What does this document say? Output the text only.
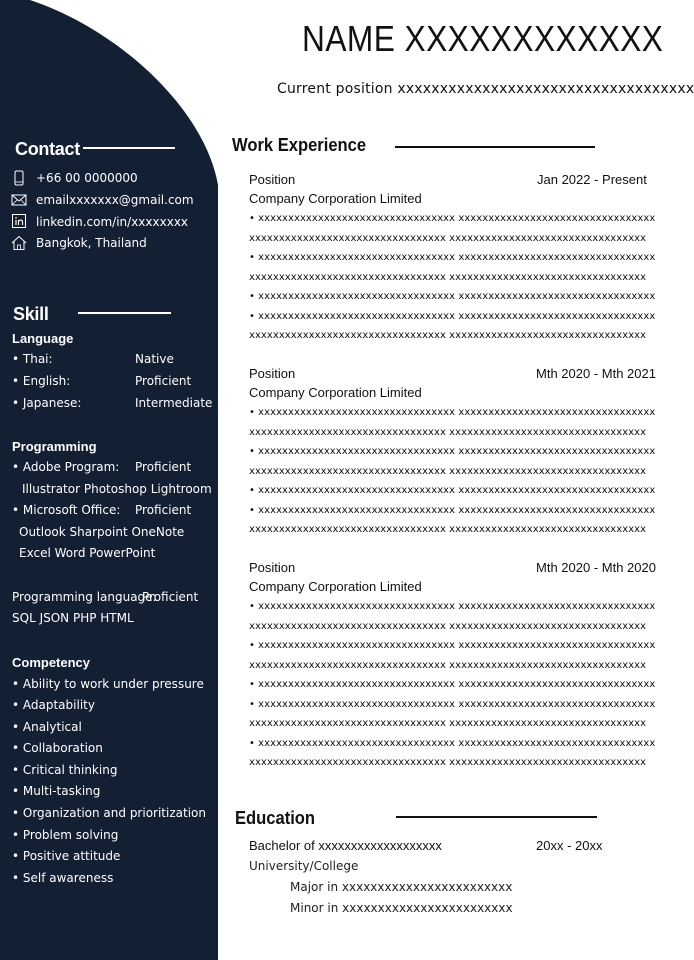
Contact
+66 00 0000000
emailxxxxxxx@gmail.com
linkedin.com/in/xxxxxxxx
Bangkok, Thailand
Skill
Language
• Thai:	Native
• English:	Proficient
• Japanese:	Intermediate
Programming
• Adobe Program: Proficient
Illustrator Photoshop Lightroom
• Microsoft Office: Proficient
Outlook Sharpoint OneNote
Excel Word PowerPoint
Programming language:
Proficient
SQL JSON PHP HTML
Competency
• Ability to work under pressure
• Adaptability
• Analytical
• Collaboration
• Critical thinking
• Multi-tasking
• Organization and prioritization
• Problem solving
• Positive attitude
• Self awareness
NAME XXXXXXXXXXXX
Current position xxxxxxxxxxxxxxxxxxxxxxxxxxxxxxxxxxx
Work Experience
Position	Jan 2022 - Present
Company Corporation Limited
• xxxxxxxxxxxxxxxxxxxxxxxxxxxxxxxxx xxxxxxxxxxxxxxxxxxxxxxxxxxxxxxxxx
xxxxxxxxxxxxxxxxxxxxxxxxxxxxxxxxx xxxxxxxxxxxxxxxxxxxxxxxxxxxxxxxxx
• xxxxxxxxxxxxxxxxxxxxxxxxxxxxxxxxx xxxxxxxxxxxxxxxxxxxxxxxxxxxxxxxxx
xxxxxxxxxxxxxxxxxxxxxxxxxxxxxxxxx xxxxxxxxxxxxxxxxxxxxxxxxxxxxxxxxx
• xxxxxxxxxxxxxxxxxxxxxxxxxxxxxxxxx xxxxxxxxxxxxxxxxxxxxxxxxxxxxxxxxx
• xxxxxxxxxxxxxxxxxxxxxxxxxxxxxxxxx xxxxxxxxxxxxxxxxxxxxxxxxxxxxxxxxx
xxxxxxxxxxxxxxxxxxxxxxxxxxxxxxxxx xxxxxxxxxxxxxxxxxxxxxxxxxxxxxxxxx
Position	Mth 2020 - Mth 2021
Company Corporation Limited
• xxxxxxxxxxxxxxxxxxxxxxxxxxxxxxxxx xxxxxxxxxxxxxxxxxxxxxxxxxxxxxxxxx
xxxxxxxxxxxxxxxxxxxxxxxxxxxxxxxxx xxxxxxxxxxxxxxxxxxxxxxxxxxxxxxxxx
• xxxxxxxxxxxxxxxxxxxxxxxxxxxxxxxxx xxxxxxxxxxxxxxxxxxxxxxxxxxxxxxxxx
xxxxxxxxxxxxxxxxxxxxxxxxxxxxxxxxx xxxxxxxxxxxxxxxxxxxxxxxxxxxxxxxxx
• xxxxxxxxxxxxxxxxxxxxxxxxxxxxxxxxx xxxxxxxxxxxxxxxxxxxxxxxxxxxxxxxxx
• xxxxxxxxxxxxxxxxxxxxxxxxxxxxxxxxx xxxxxxxxxxxxxxxxxxxxxxxxxxxxxxxxx
xxxxxxxxxxxxxxxxxxxxxxxxxxxxxxxxx xxxxxxxxxxxxxxxxxxxxxxxxxxxxxxxxx
Position	Mth 2020 - Mth 2020
Company Corporation Limited
• xxxxxxxxxxxxxxxxxxxxxxxxxxxxxxxxx xxxxxxxxxxxxxxxxxxxxxxxxxxxxxxxxx
xxxxxxxxxxxxxxxxxxxxxxxxxxxxxxxxx xxxxxxxxxxxxxxxxxxxxxxxxxxxxxxxxx
• xxxxxxxxxxxxxxxxxxxxxxxxxxxxxxxxx xxxxxxxxxxxxxxxxxxxxxxxxxxxxxxxxx
xxxxxxxxxxxxxxxxxxxxxxxxxxxxxxxxx xxxxxxxxxxxxxxxxxxxxxxxxxxxxxxxxx
• xxxxxxxxxxxxxxxxxxxxxxxxxxxxxxxxx xxxxxxxxxxxxxxxxxxxxxxxxxxxxxxxxx
• xxxxxxxxxxxxxxxxxxxxxxxxxxxxxxxxx xxxxxxxxxxxxxxxxxxxxxxxxxxxxxxxxx
xxxxxxxxxxxxxxxxxxxxxxxxxxxxxxxxx xxxxxxxxxxxxxxxxxxxxxxxxxxxxxxxxx
• xxxxxxxxxxxxxxxxxxxxxxxxxxxxxxxxx xxxxxxxxxxxxxxxxxxxxxxxxxxxxxxxxx
xxxxxxxxxxxxxxxxxxxxxxxxxxxxxxxxx xxxxxxxxxxxxxxxxxxxxxxxxxxxxxxxxx
Education
Bachelor of xxxxxxxxxxxxxxxxxxx	20xx - 20xx
University/College
Major in xxxxxxxxxxxxxxxxxxxxxxxx
Minor in xxxxxxxxxxxxxxxxxxxxxxxx
